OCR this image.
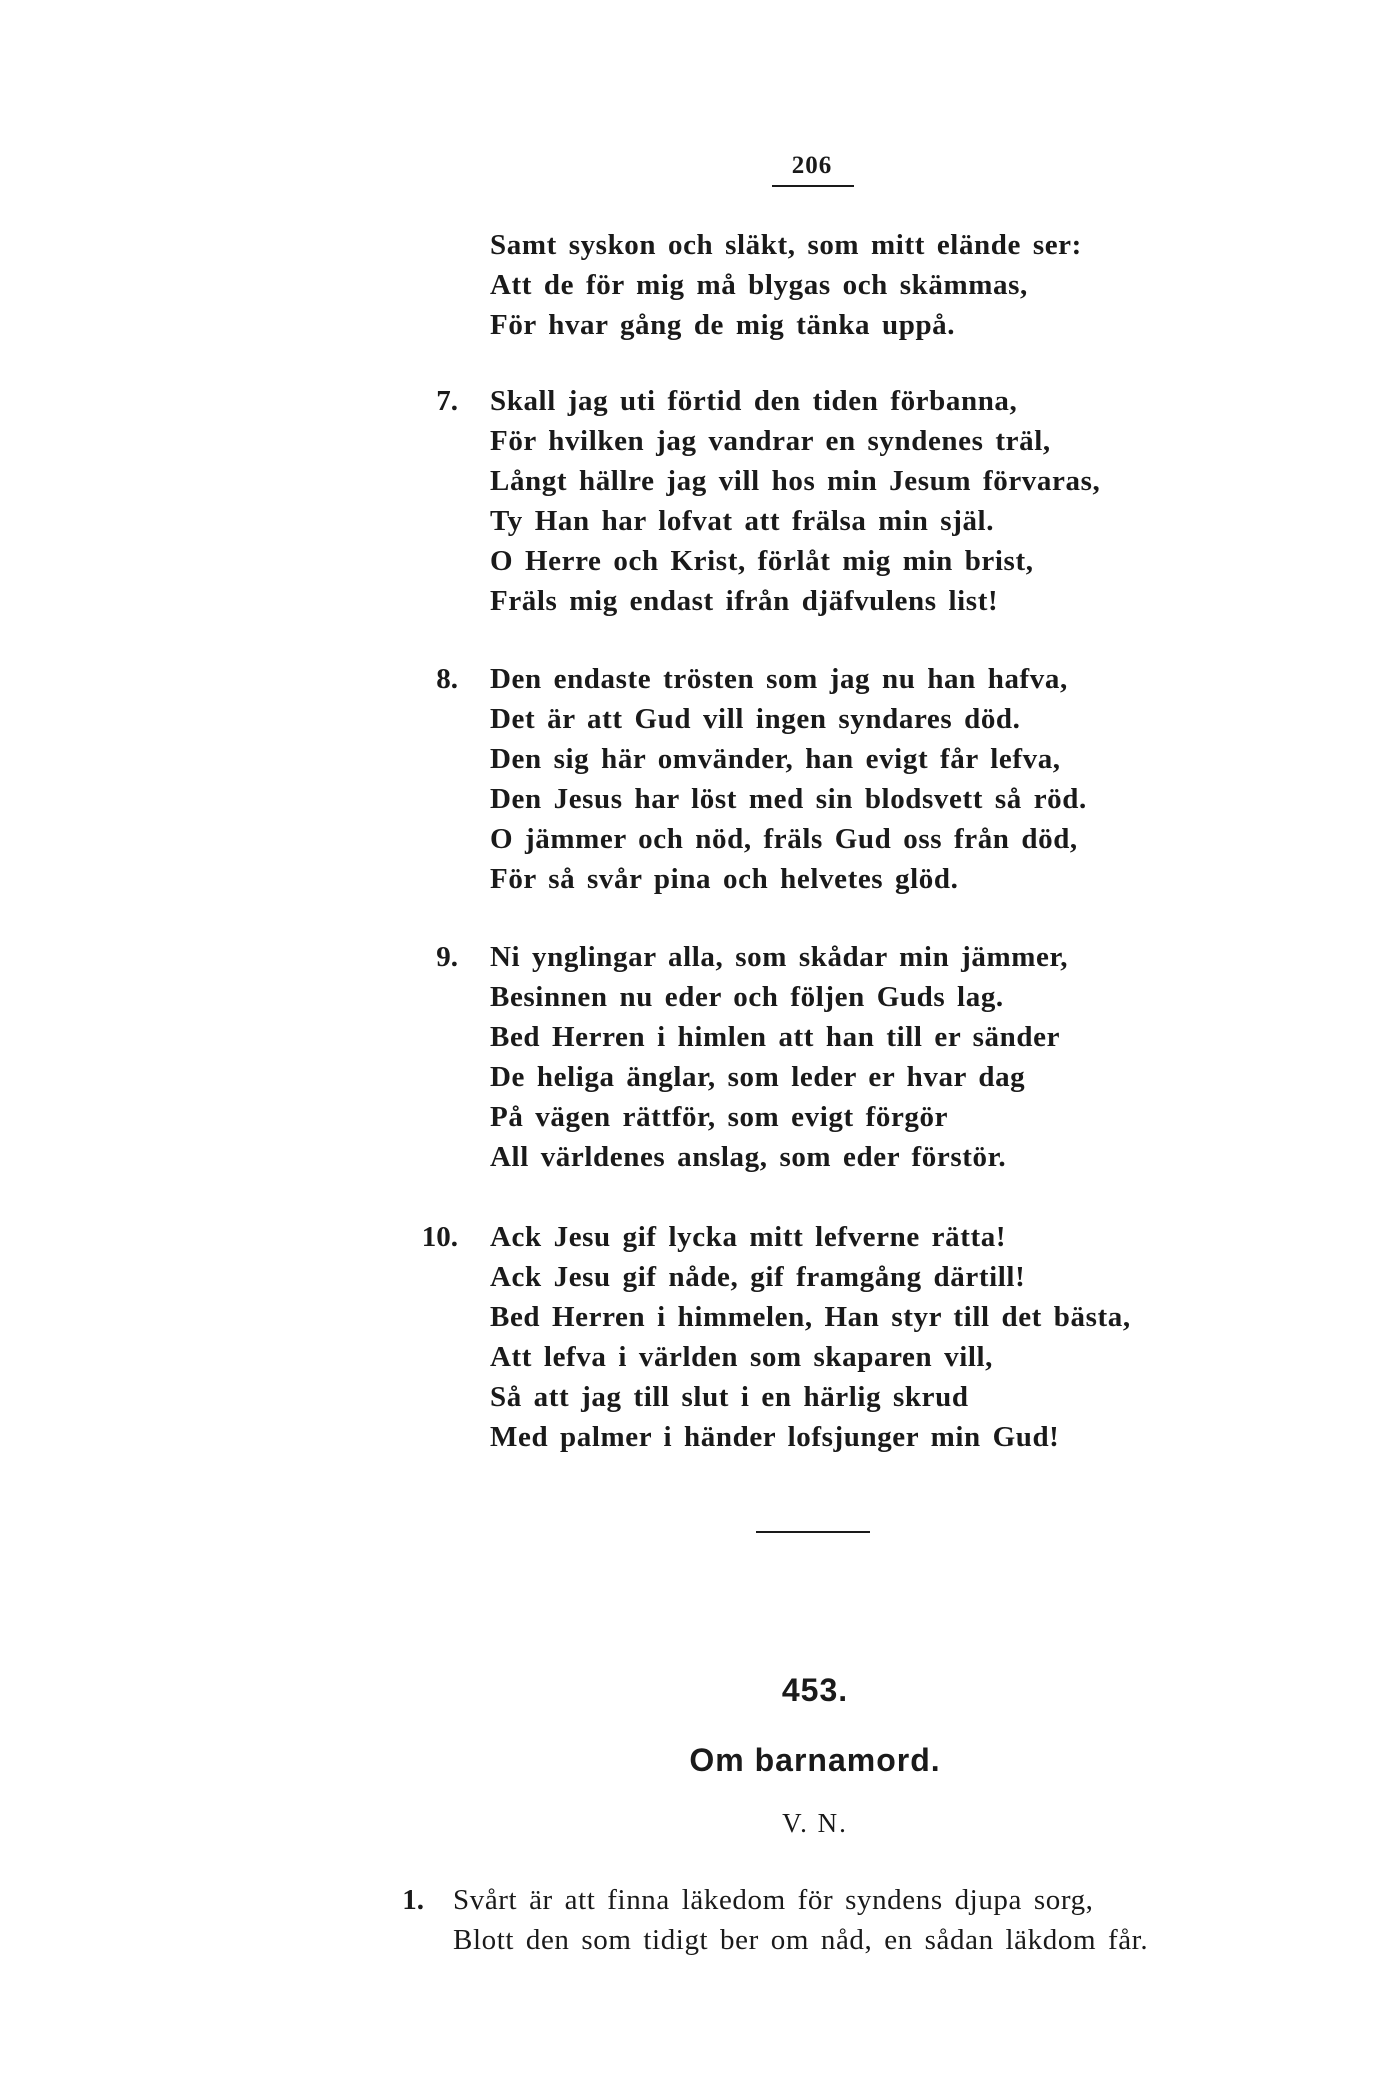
206
Samt syskon och släkt, som mitt elände ser:
Att de för mig må blygas och skämmas,
För hvar gång de mig tänka uppå.
7. Skall jag uti förtid den tiden förbanna,
För hvilken jag vandrar en syndenes träl,
Långt hällre jag vill hos min Jesum förvaras,
Ty Han har lofvat att frälsa min själ.
O Herre och Krist, förlåt mig min brist,
Fräls mig endast ifrån djäfvulens list!
8. Den endaste trösten som jag nu han hafva,
Det är att Gud vill ingen syndares död.
Den sig här omvänder, han evigt får lefva,
Den Jesus har löst med sin blodsvett så röd.
O jämmer och nöd, fräls Gud oss från död,
För så svår pina och helvetes glöd.
9. Ni ynglingar alla, som skådar min jämmer,
Besinnen nu eder och följen Guds lag.
Bed Herren i himlen att han till er sänder
De heliga änglar, som leder er hvar dag
På vägen rättför, som evigt förgör
All världenes anslag, som eder förstör.
10. Ack Jesu gif lycka mitt lefverne rätta!
Ack Jesu gif nåde, gif framgång därtill!
Bed Herren i himmelen, Han styr till det bästa,
Att lefva i världen som skaparen vill,
Så att jag till slut i en härlig skrud
Med palmer i händer lofsjunger min Gud!
453.
Om barnamord.
V. N.
1. Svårt är att finna läkedom för syndens djupa sorg,
Blott den som tidigt ber om nåd, en sådan läkdom får.
